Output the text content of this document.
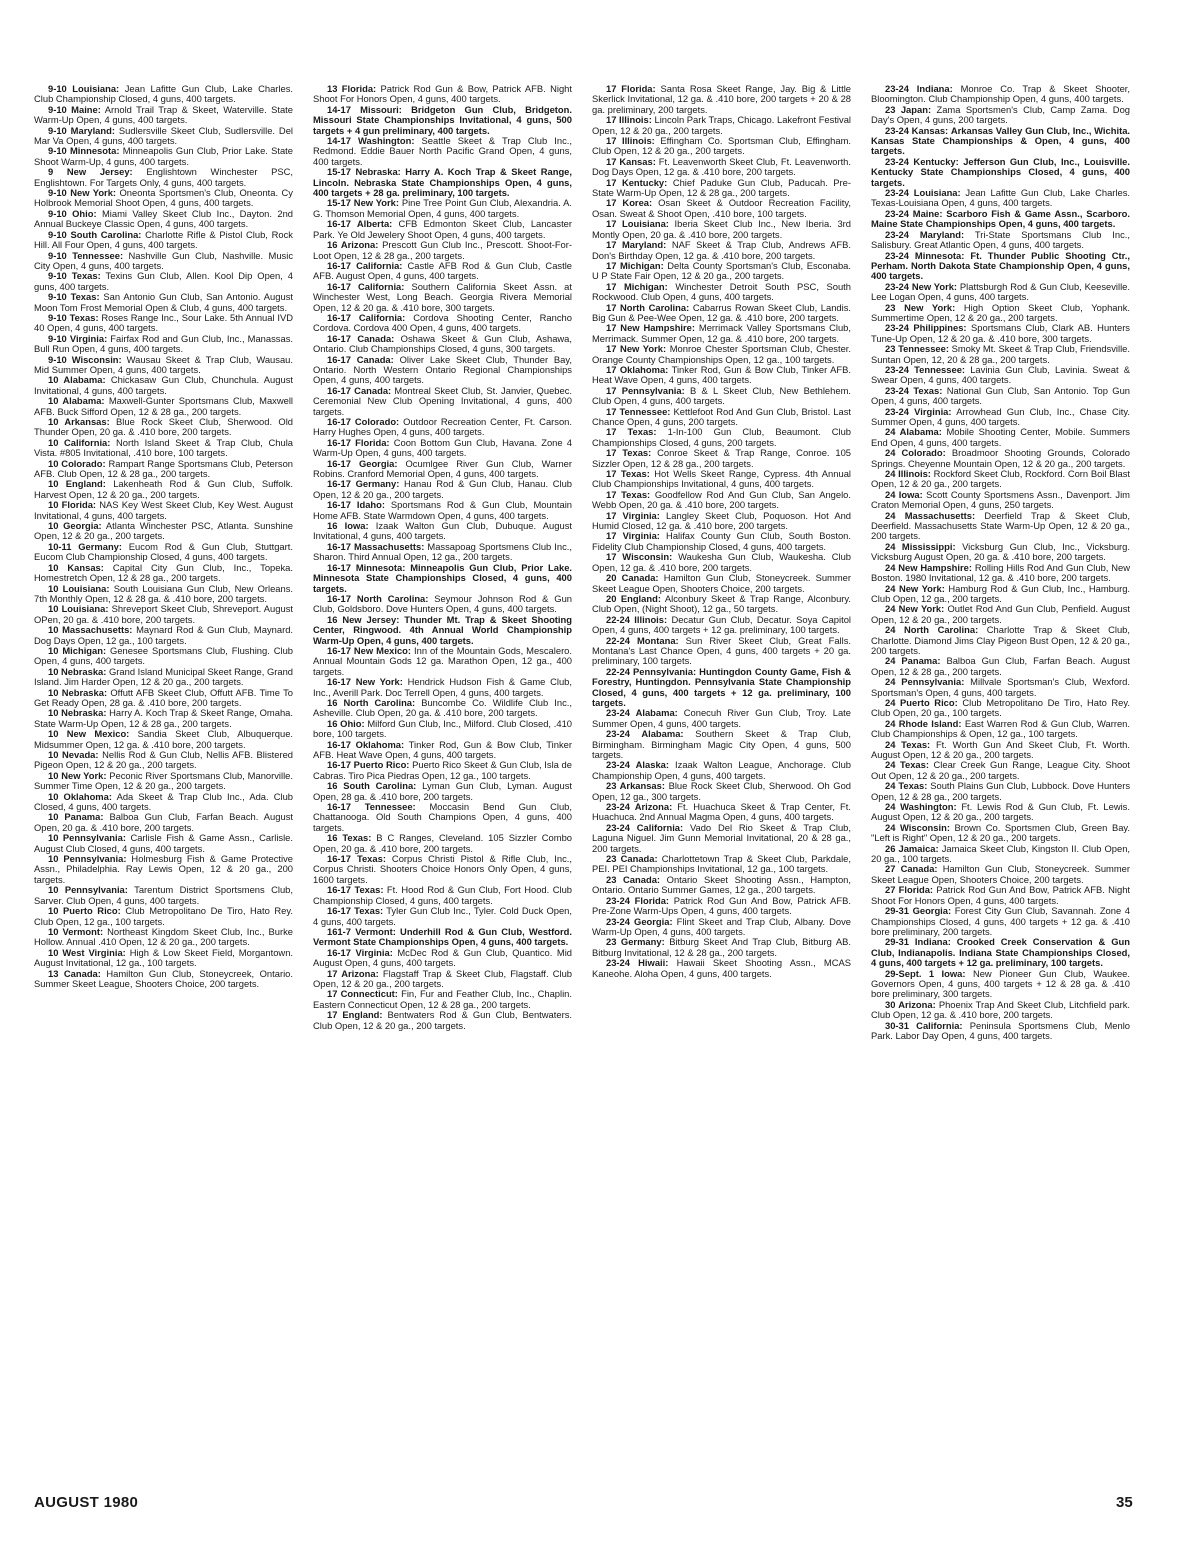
9-10 Louisiana: Jean Lafitte Gun Club, Lake Charles. Club Championship Closed, 4 guns, 400 targets.

9-10 Maine: Arnold Trail Trap & Skeet, Waterville. State Warm-Up Open, 4 guns, 400 targets.

9-10 Maryland: Sudlersville Skeet Club, Sudlersville. Del Mar Va Open, 4 guns, 400 targets.

9-10 Minnesota: Minneapolis Gun Club, Prior Lake. State Shoot Warm-Up, 4 guns, 400 targets.

9 New Jersey: Englishtown Winchester PSC, Englishtown. For Targets Only, 4 guns, 400 targets.

9-10 New York: Oneonta Sportsmen's Club, Oneonta. Cy Holbrook Memorial Shoot Open, 4 guns, 400 targets.

9-10 Ohio: Miami Valley Skeet Club Inc., Dayton. 2nd Annual Buckeye Classic Open, 4 guns, 400 targets.

9-10 South Carolina: Charlotte Rifle & Pistol Club, Rock Hill. All Four Open, 4 guns, 400 targets.

9-10 Tennessee: Nashville Gun Club, Nashville. Music City Open, 4 guns, 400 targets.

9-10 Texas: Texins Gun Club, Allen. Kool Dip Open, 4 guns, 400 targets.

9-10 Texas: San Antonio Gun Club, San Antonio. August Moon Tom Frost Memorial Open & Club, 4 guns, 400 targets.

9-10 Texas: Roses Range Inc., Sour Lake. 5th Annual IVD 40 Open, 4 guns, 400 targets.

9-10 Virginia: Fairfax Rod and Gun Club, Inc., Manassas. Bull Run Open, 4 guns, 400 targets.

9-10 Wisconsin: Wausau Skeet & Trap Club, Wausau. Mid Summer Open, 4 guns, 400 targets.

10 Alabama: Chickasaw Gun Club, Chunchula. August Invitational, 4 guns, 400 targets.

10 Alabama: Maxwell-Gunter Sportsmans Club, Maxwell AFB. Buck Sifford Open, 12 & 28 ga., 200 targets.

10 Arkansas: Blue Rock Skeet Club, Sherwood. Old Thunder Open, 20 ga. & .410 bore, 200 targets.

10 California: North Island Skeet & Trap Club, Chula Vista. #805 Invitational, .410 bore, 100 targets.

10 Colorado: Rampart Range Sportsmans Club, Peterson AFB. Club Open, 12 & 28 ga., 200 targets.

10 England: Lakenheath Rod & Gun Club, Suffolk. Harvest Open, 12 & 20 ga., 200 targets.

10 Florida: NAS Key West Skeet Club, Key West. August Invitational, 4 guns, 400 targets.

10 Georgia: Atlanta Winchester PSC, Atlanta. Sunshine Open, 12 & 20 ga., 200 targets.

10-11 Germany: Eucom Rod & Gun Club, Stuttgart. Eucom Club Championship Closed, 4 guns, 400 targets.

10 Kansas: Capital City Gun Club, Inc., Topeka. Homestretch Open, 12 & 28 ga., 200 targets.

10 Louisiana: South Louisiana Gun Club, New Orleans. 7th Monthly Open, 12 & 28 ga. & .410 bore, 200 targets.

10 Louisiana: Shreveport Skeet Club, Shreveport. August OPen, 20 ga. & .410 bore, 200 targets.

10 Massachusetts: Maynard Rod & Gun Club, Maynard. Dog Days Open, 12 ga., 100 targets.

10 Michigan: Genesee Sportsmans Club, Flushing. Club Open, 4 guns, 400 targets.

10 Nebraska: Grand Island Municipal Skeet Range, Grand Island. Jim Harder Open, 12 & 20 ga., 200 targets.

10 Nebraska: Offutt AFB Skeet Club, Offutt AFB. Time To Get Ready Open, 28 ga. & .410 bore, 200 targets.

10 Nebraska: Harry A. Koch Trap & Skeet Range, Omaha. State Warm-Up Open, 12 & 28 ga., 200 targets.

10 New Mexico: Sandia Skeet Club, Albuquerque. Midsummer Open, 12 ga. & .410 bore, 200 targets.

10 Nevada: Nellis Rod & Gun Club, Nellis AFB. Blistered Pigeon Open, 12 & 20 ga., 200 targets.

10 New York: Peconic River Sportsmans Club, Manorville. Summer Time Open, 12 & 20 ga., 200 targets.

10 Oklahoma: Ada Skeet & Trap Club Inc., Ada. Club Closed, 4 guns, 400 targets.

10 Panama: Balboa Gun Club, Farfan Beach. August Open, 20 ga. & .410 bore, 200 targets.

10 Pennsylvania: Carlisle Fish & Game Assn., Carlisle. August Club Closed, 4 guns, 400 targets.

10 Pennsylvania: Holmesburg Fish & Game Protective Assn., Philadelphia. Ray Lewis Open, 12 & 20 ga., 200 targets.

10 Pennsylvania: Tarentum District Sportsmens Club, Sarver. Club Open, 4 guns, 400 targets.

10 Puerto Rico: Club Metropolitano De Tiro, Hato Rey. Club Open, 12 ga., 100 targets.

10 Vermont: Northeast Kingdom Skeet Club, Inc., Burke Hollow. Annual .410 Open, 12 & 20 ga., 200 targets.

10 West Virginia: High & Low Skeet Field, Morgantown. August Invitational, 12 ga., 100 targets.

13 Canada: Hamilton Gun Club, Stoneycreek, Ontario. Summer Skeet League, Shooters Choice, 200 targets.

13 Florida: Patrick Rod Gun & Bow, Patrick AFB. Night Shoot For Honors Open, 4 guns, 400 targets.

14-17 Missouri: Bridgeton Gun Club, Bridgeton. Missouri State Championships Invitational, 4 guns, 500 targets + 4 gun preliminary, 400 targets.

14-17 Washington: Seattle Skeet & Trap Club Inc., Redmond. Eddie Bauer North Pacific Grand Open, 4 guns, 400 targets.

15-17 Nebraska: Harry A. Koch Trap & Skeet Range, Lincoln. Nebraska State Championships Open, 4 guns, 400 targets + 28 ga. preliminary, 100 targets.

15-17 New York: Pine Tree Point Gun Club, Alexandria. A. G. Thomson Memorial Open, 4 guns, 400 targets.

16-17 Alberta: CFB Edmonton Skeet Club, Lancaster Park. Ye Old Jewelery Shoot Open, 4 guns, 400 targets.

16 Arizona: Prescott Gun Club Inc., Prescott. Shoot-For-Loot Open, 12 & 28 ga., 200 targets.

16-17 California: Castle AFB Rod & Gun Club, Castle AFB. August Open, 4 guns, 400 targets.

16-17 California: Southern California Skeet Assn. at Winchester West, Long Beach. Georgia Rivera Memorial Open, 12 & 20 ga. & .410 bore, 300 targets.

16-17 California: Cordova Shooting Center, Rancho Cordova. Cordova 400 Open, 4 guns, 400 targets.

16-17 Canada: Oshawa Skeet & Gun Club, Ashawa, Ontario. Club Championships Closed, 4 guns, 300 targets.

16-17 Canada: Oliver Lake Skeet Club, Thunder Bay, Ontario. North Western Ontario Regional Championships Open, 4 guns, 400 targets.

16-17 Canada: Montreal Skeet Club, St. Janvier, Quebec. Ceremonial New Club Opening Invitational, 4 guns, 400 targets.

16-17 Colorado: Outdoor Recreation Center, Ft. Carson. Harry Hughes Open, 4 guns, 400 targets.

16-17 Florida: Coon Bottom Gun Club, Havana. Zone 4 Warm-Up Open, 4 guns, 400 targets.

16-17 Georgia: Ocumlgee River Gun Club, Warner Robins. Cranford Memorial Open, 4 guns, 400 targets.

16-17 Germany: Hanau Rod & Gun Club, Hanau. Club Open, 12 & 20 ga., 200 targets.

16-17 Idaho: Sportsmans Rod & Gun Club, Mountain Home AFB. State Warmdown Open, 4 guns, 400 targets.

16 Iowa: Izaak Walton Gun Club, Dubuque. August Invitational, 4 guns, 400 targets.

16-17 Massachusetts: Massapoag Sportsmens Club Inc., Sharon. Third Annual Open, 12 ga., 200 targets.

16-17 Minnesota: Minneapolis Gun Club, Prior Lake. Minnesota State Championships Closed, 4 guns, 400 targets.

16-17 North Carolina: Seymour Johnson Rod & Gun Club, Goldsboro. Dove Hunters Open, 4 guns, 400 targets.

16 New Jersey: Thunder Mt. Trap & Skeet Shooting Center, Ringwood. 4th Annual World Championship Warm-Up Open, 4 guns, 400 targets.

16-17 New Mexico: Inn of the Mountain Gods, Mescalero. Annual Mountain Gods 12 ga. Marathon Open, 12 ga., 400 targets.

16-17 New York: Hendrick Hudson Fish & Game Club, Inc., Averill Park. Doc Terrell Open, 4 guns, 400 targets.

16 North Carolina: Buncombe Co. Wildlife Club Inc., Asheville. Club Open, 20 ga. & .410 bore, 200 targets.

16 Ohio: Milford Gun Club, Inc., Milford. Club Closed, .410 bore, 100 targets.

16-17 Oklahoma: Tinker Rod, Gun & Bow Club, Tinker AFB. Heat Wave Open, 4 guns, 400 targets.

16-17 Puerto Rico: Puerto Rico Skeet & Gun Club, Isla de Cabras. Tiro Pica Piedras Open, 12 ga., 100 targets.

16 South Carolina: Lyman Gun Club, Lyman. August Open, 28 ga. & .410 bore, 200 targets.

16-17 Tennessee: Moccasin Bend Gun Club, Chattanooga. Old South Champions Open, 4 guns, 400 targets.

16 Texas: B C Ranges, Cleveland. 105 Sizzler Combo Open, 20 ga. & .410 bore, 200 targets.

16-17 Texas: Corpus Christi Pistol & Rifle Club, Inc., Corpus Christi. Shooters Choice Honors Only Open, 4 guns, 1600 targets.

16-17 Texas: Ft. Hood Rod & Gun Club, Fort Hood. Club Championship Closed, 4 guns, 400 targets.

16-17 Texas: Tyler Gun Club Inc., Tyler. Cold Duck Open, 4 guns, 400 targets.

161-7 Vermont: Underhill Rod & Gun Club, Westford. Vermont State Championships Open, 4 guns, 400 targets.

16-17 Virginia: McDec Rod & Gun Club, Quantico. Mid August Open, 4 guns, 400 targets.

17 Arizona: Flagstaff Trap & Skeet Club, Flagstaff. Club Open, 12 & 20 ga., 200 targets.

17 Connecticut: Fin, Fur and Feather Club, Inc., Chaplin. Eastern Connecticut Open, 12 & 28 ga., 200 targets.

17 England: Bentwaters Rod & Gun Club, Bentwaters. Club Open, 12 & 20 ga., 200 targets.

17 Florida: Santa Rosa Skeet Range, Jay. Big & Little Skerlick Invitational, 12 ga. & .410 bore, 200 targets + 20 & 28 ga. preliminary, 200 targets.

17 Illinois: Lincoln Park Traps, Chicago. Lakefront Festival Open, 12 & 20 ga., 200 targets.

17 Illinois: Effingham Co. Sportsman Club, Effingham. Club Open, 12 & 20 ga., 200 targets.

17 Kansas: Ft. Leavenworth Skeet Club, Ft. Leavenworth. Dog Days Open, 12 ga. & .410 bore, 200 targets.

17 Kentucky: Chief Paduke Gun Club, Paducah. Pre-State Warm-Up Open, 12 & 28 ga., 200 targets.

17 Korea: Osan Skeet & Outdoor Recreation Facility, Osan. Sweat & Shoot Open, .410 bore, 100 targets.

17 Louisiana: Iberia Skeet Club Inc., New Iberia. 3rd Montly Open, 20 ga. & .410 bore, 200 targets.

17 Maryland: NAF Skeet & Trap Club, Andrews AFB. Don's Birthday Open, 12 ga. & .410 bore, 200 targets.

17 Michigan: Delta County Sportsman's Club, Esconaba. U P State Fair Open, 12 & 20 ga., 200 targets.

17 Michigan: Winchester Detroit South PSC, South Rockwood. Club Open, 4 guns, 400 targets.

17 North Carolina: Cabarrus Rowan Skeet Club, Landis. Big Gun & Pee-Wee Open, 12 ga. & .410 bore, 200 targets.

17 New Hampshire: Merrimack Valley Sportsmans Club, Merrimack. Summer Open, 12 ga. & .410 bore, 200 targets.

17 New York: Monroe Chester Sportsman Club, Chester. Orange County Championships Open, 12 ga., 100 targets.

17 Oklahoma: Tinker Rod, Gun & Bow Club, Tinker AFB. Heat Wave Open, 4 guns, 400 targets.

17 Pennsylvania: B & L Skeet Club, New Bethlehem. Club Open, 4 guns, 400 targets.

17 Tennessee: Kettlefoot Rod And Gun Club, Bristol. Last Chance Open, 4 guns, 200 targets.

17 Texas: 1-In-100 Gun Club, Beaumont. Club Championships Closed, 4 guns, 200 targets.

17 Texas: Conroe Skeet & Trap Range, Conroe. 105 Sizzler Open, 12 & 28 ga., 200 targets.

17 Texas: Hot Wells Skeet Range, Cypress. 4th Annual Club Championships Invitational, 4 guns, 400 targets.

17 Texas: Goodfellow Rod And Gun Club, San Angelo. Webb Open, 20 ga. & .410 bore, 200 targets.

17 Virginia: Langley Skeet Club, Poquoson. Hot And Humid Closed, 12 ga. & .410 bore, 200 targets.

17 Virginia: Halifax County Gun Club, South Boston. Fidelity Club Championship Closed, 4 guns, 400 targets.

17 Wisconsin: Waukesha Gun Club, Waukesha. Club Open, 12 ga. & .410 bore, 200 targets.

20 Canada: Hamilton Gun Club, Stoneycreek. Summer Skeet League Open, Shooters Choice, 200 targets.

20 England: Alconbury Skeet & Trap Range, Alconbury. Club Open, (Night Shoot), 12 ga., 50 targets.

22-24 Illinois: Decatur Gun Club, Decatur. Soya Capitol Open, 4 guns, 400 targets + 12 ga. preliminary, 100 targets.

22-24 Montana: Sun River Skeet Club, Great Falls. Montana's Last Chance Open, 4 guns, 400 targets + 20 ga. preliminary, 100 targets.

22-24 Pennsylvania: Huntingdon County Game, Fish & Forestry, Huntingdon. Pennsylvania State Championship Closed, 4 guns, 400 targets + 12 ga. preliminary, 100 targets.

23-24 Alabama: Conecuh River Gun Club, Troy. Late Summer Open, 4 guns, 400 targets.

23-24 Alabama: Southern Skeet & Trap Club, Birmingham. Birmingham Magic City Open, 4 guns, 500 targets.

23-24 Alaska: Izaak Walton League, Anchorage. Club Championship Open, 4 guns, 400 targets.

23 Arkansas: Blue Rock Skeet Club, Sherwood. Oh God Open, 12 ga., 300 targets.

23-24 Arizona: Ft. Huachuca Skeet & Trap Center, Ft. Huachuca. 2nd Annual Magma Open, 4 guns, 400 targets.

23-24 California: Vado Del Rio Skeet & Trap Club, Laguna Niguel. Jim Gunn Memorial Invitational, 20 & 28 ga., 200 targets.

23 Canada: Charlottetown Trap & Skeet Club, Parkdale, PEI. PEI Championships Invitational, 12 ga., 100 targets.

23 Canada: Ontario Skeet Shooting Assn., Hampton, Ontario. Ontario Summer Games, 12 ga., 200 targets.

23-24 Florida: Patrick Rod Gun And Bow, Patrick AFB. Pre-Zone Warm-Ups Open, 4 guns, 400 targets.

23-24 Georgia: Flint Skeet and Trap Club, Albany. Dove Warm-Up Open, 4 guns, 400 targets.

23 Germany: Bitburg Skeet And Trap Club, Bitburg AB. Bitburg Invitational, 12 & 28 ga., 200 targets.

23-24 Hiwaii: Hawaii Skeet Shooting Assn., MCAS Kaneohe. Aloha Open, 4 guns, 400 targets.

23-24 Indiana: Monroe Co. Trap & Skeet Shooter, Bloomington. Club Championship Open, 4 guns, 400 targets.

23 Japan: Zama Sportsmen's Club, Camp Zama. Dog Day's Open, 4 guns, 200 targets.

23-24 Kansas: Arkansas Valley Gun Club, Inc., Wichita. Kansas State Championships & Open, 4 guns, 400 targets.

23-24 Kentucky: Jefferson Gun Club, Inc., Louisville. Kentucky State Championships Closed, 4 guns, 400 targets.

23-24 Louisiana: Jean Lafitte Gun Club, Lake Charles. Texas-Louisiana Open, 4 guns, 400 targets.

23-24 Maine: Scarboro Fish & Game Assn., Scarboro. Maine State Championships Open, 4 guns, 400 targets.

23-24 Maryland: Tri-State Sportsmans Club Inc., Salisbury. Great Atlantic Open, 4 guns, 400 targets.

23-24 Minnesota: Ft. Thunder Public Shooting Ctr., Perham. North Dakota State Championship Open, 4 guns, 400 targets.

23-24 New York: Plattsburgh Rod & Gun Club, Keeseville. Lee Logan Open, 4 guns, 400 targets.

23 New York: High Option Skeet Club, Yophank. Summertime Open, 12 & 20 ga., 200 targets.

23-24 Philippines: Sportsmans Club, Clark AB. Hunters Tune-Up Open, 12 & 20 ga. & .410 bore, 300 targets.

23 Tennessee: Smoky Mt. Skeet & Trap Club, Friendsville. Suntan Open, 12, 20 & 28 ga., 200 targets.

23-24 Tennessee: Lavinia Gun Club, Lavinia. Sweat & Swear Open, 4 guns, 400 targets.

23-24 Texas: National Gun Club, San Antonio. Top Gun Open, 4 guns, 400 targets.

23-24 Virginia: Arrowhead Gun Club, Inc., Chase City. Summer Open, 4 guns, 400 targets.

24 Alabama: Mobile Shooting Center, Mobile. Summers End Open, 4 guns, 400 targets.

24 Colorado: Broadmoor Shooting Grounds, Colorado Springs. Cheyenne Mountain Open, 12 & 20 ga., 200 targets.

24 Illinois: Rockford Skeet Club, Rockford. Corn Boil Blast Open, 12 & 20 ga., 200 targets.

24 Iowa: Scott County Sportsmens Assn., Davenport. Jim Craton Memorial Open, 4 guns, 250 targets.

24 Massachusetts: Deerfield Trap & Skeet Club, Deerfield. Massachusetts State Warm-Up Open, 12 & 20 ga., 200 targets.

24 Mississippi: Vicksburg Gun Club, Inc., Vicksburg. Vicksburg August Open, 20 ga. & .410 bore, 200 targets.

24 New Hampshire: Rolling Hills Rod And Gun Club, New Boston. 1980 Invitational, 12 ga. & .410 bore, 200 targets.

24 New York: Hamburg Rod & Gun Club, Inc., Hamburg. Club Open, 12 ga., 200 targets.

24 New York: Outlet Rod And Gun Club, Penfield. August Open, 12 & 20 ga., 200 targets.

24 North Carolina: Charlotte Trap & Skeet Club, Charlotte. Diamond Jims Clay Pigeon Bust Open, 12 & 20 ga., 200 targets.

24 Panama: Balboa Gun Club, Farfan Beach. August Open, 12 & 28 ga., 200 targets.

24 Pennsylvania: Millvale Sportsman's Club, Wexford. Sportsman's Open, 4 guns, 400 targets.

24 Puerto Rico: Club Metropolitano De Tiro, Hato Rey. Club Open, 20 ga., 100 targets.

24 Rhode Island: East Warren Rod & Gun Club, Warren. Club Championships & Open, 12 ga., 100 targets.

24 Texas: Ft. Worth Gun And Skeet Club, Ft. Worth. August Open, 12 & 20 ga., 200 targets.

24 Texas: Clear Creek Gun Range, League City. Shoot Out Open, 12 & 20 ga., 200 targets.

24 Texas: South Plains Gun Club, Lubbock. Dove Hunters Open, 12 & 28 ga., 200 targets.

24 Washington: Ft. Lewis Rod & Gun Club, Ft. Lewis. August Open, 12 & 20 ga., 200 targets.

24 Wisconsin: Brown Co. Sportsmen Club, Green Bay. "Left is Right" Open, 12 & 20 ga., 200 targets.

26 Jamaica: Jamaica Skeet Club, Kingston II. Club Open, 20 ga., 100 targets.

27 Canada: Hamilton Gun Club, Stoneycreek. Summer Skeet League Open, Shooters Choice, 200 targets.

27 Florida: Patrick Rod Gun And Bow, Patrick AFB. Night Shoot For Honors Open, 4 guns, 400 targets.

29-31 Georgia: Forest City Gun Club, Savannah. Zone 4 Championships Closed, 4 guns, 400 targets + 12 ga. & .410 bore preliminary, 200 targets.

29-31 Indiana: Crooked Creek Conservation & Gun Club, Indianapolis. Indiana State Championships Closed, 4 guns, 400 targets + 12 ga. preliminary, 100 targets.

29-Sept. 1 Iowa: New Pioneer Gun Club, Waukee. Governors Open, 4 guns, 400 targets + 12 & 28 ga. & .410 bore preliminary, 300 targets.

30 Arizona: Phoenix Trap And Skeet Club, Litchfield park. Club Open, 12 ga. & .410 bore, 200 targets.

30-31 California: Peninsula Sportsmens Club, Menlo Park. Labor Day Open, 4 guns, 400 targets.

AUGUST 1980	35
